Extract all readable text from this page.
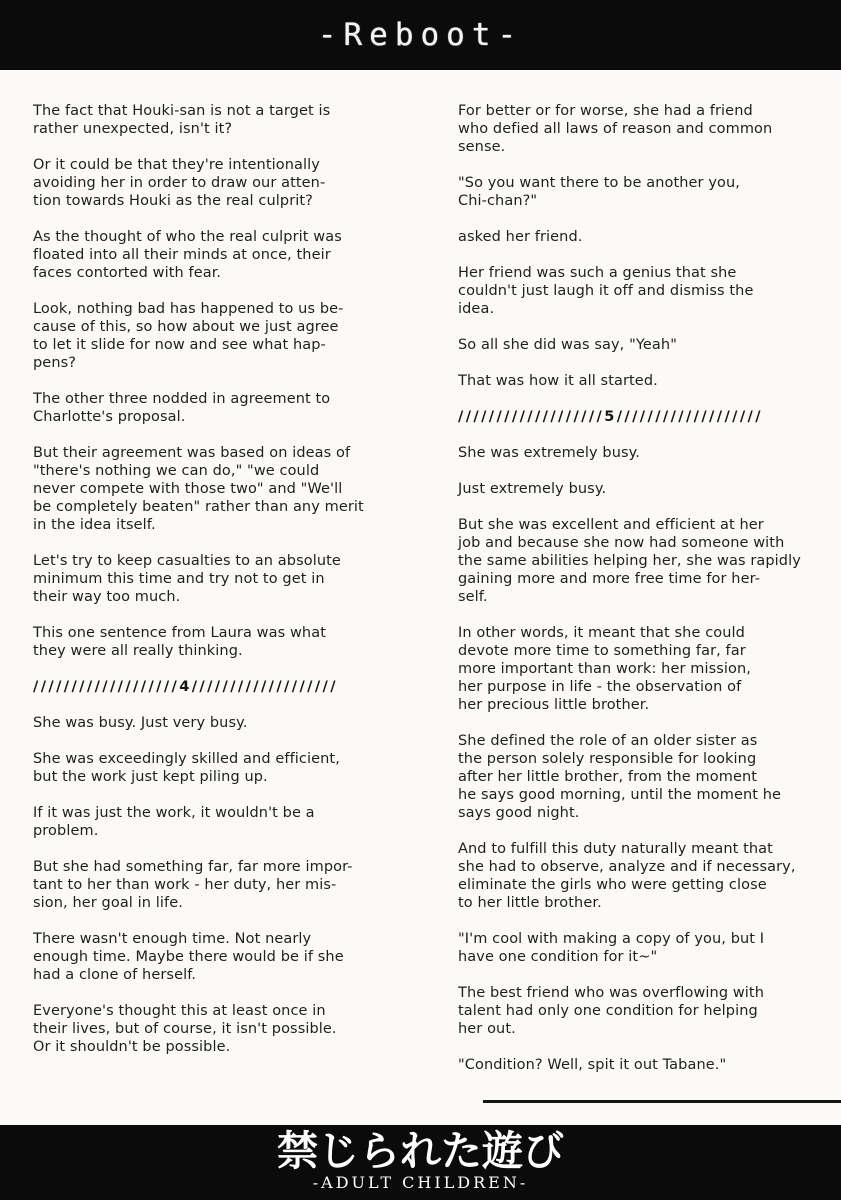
-Reboot-
The fact that Houki-san is not a target is
rather unexpected, isn't it?
Or it could be that they're intentionally
avoiding her in order to draw our atten-
tion towards Houki as the real culprit?
As the thought of who the real culprit was
floated into all their minds at once, their
faces contorted with fear.
Look, nothing bad has happened to us be-
cause of this, so how about we just agree
to let it slide for now and see what hap-
pens?
The other three nodded in agreement to
Charlotte's proposal.
But their agreement was based on ideas of
"there's nothing we can do," "we could
never compete with those two" and "We'll
be completely beaten" rather than any merit
in the idea itself.
Let's try to keep casualties to an absolute
minimum this time and try not to get in
their way too much.
This one sentence from Laura was what
they were all really thinking.
///////////////////4///////////////////
She was busy. Just very busy.
She was exceedingly skilled and efficient,
but the work just kept piling up.
If it was just the work, it wouldn't be a
problem.
But she had something far, far more impor-
tant to her than work - her duty, her mis-
sion, her goal in life.
There wasn't enough time. Not nearly
enough time. Maybe there would be if she
had a clone of herself.
Everyone's thought this at least once in
their lives, but of course, it isn't possible.
Or it shouldn't be possible.
For better or for worse, she had a friend
who defied all laws of reason and common
sense.
"So you want there to be another you,
Chi-chan?"
asked her friend.
Her friend was such a genius that she
couldn't just laugh it off and dismiss the
idea.
So all she did was say, "Yeah"
That was how it all started.
///////////////////5///////////////////
She was extremely busy.
Just extremely busy.
But she was excellent and efficient at her
job and because she now had someone with
the same abilities helping her, she was rapidly
gaining more and more free time for her-
self.
In other words, it meant that she could
devote more time to something far, far
more important than work: her mission,
her purpose in life - the observation of
her precious little brother.
She defined the role of an older sister as
the person solely responsible for looking
after her little brother, from the moment
he says good morning, until the moment he
says good night.
And to fulfill this duty naturally meant that
she had to observe, analyze and if necessary,
eliminate the girls who were getting close
to her little brother.
"I'm cool with making a copy of you, but I
have one condition for it~"
The best friend who was overflowing with
talent had only one condition for helping
her out.
"Condition? Well, spit it out Tabane."
禁じられた遊び
-ADULT CHILDREN-
